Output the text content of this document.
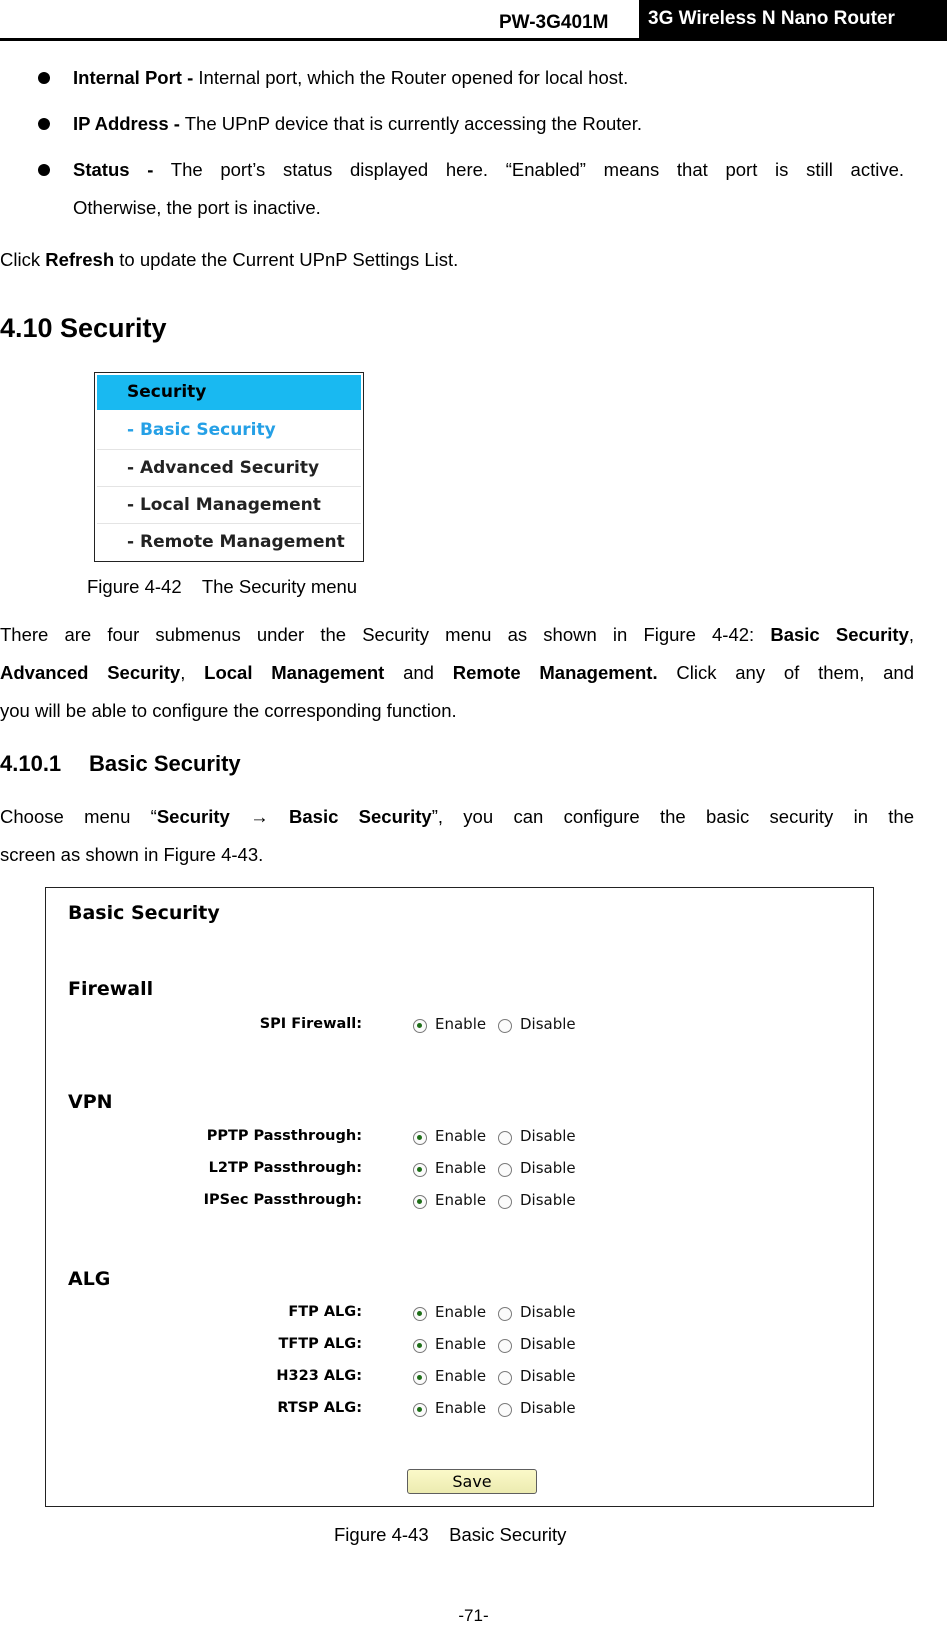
PW-3G401M	3G Wireless N Nano Router
Internal Port - Internal port, which the Router opened for local host.
IP Address - The UPnP device that is currently accessing the Router.
Status - The port’s status displayed here. “Enabled” means that port is still active.
Otherwise, the port is inactive.
Click Refresh to update the Current UPnP Settings List.
4.10 Security
Security
- Basic Security
- Advanced Security
- Local Management
- Remote Management
Figure 4-42    The Security menu
There are four submenus under the Security menu as shown in Figure 4-42: Basic Security,
Advanced Security, Local Management and Remote Management. Click any of them, and
you will be able to configure the corresponding function.
4.10.1 Basic Security
Choose menu “Security → Basic Security”, you can configure the basic security in the
screen as shown in Figure 4-43.
Basic Security
Firewall
SPI Firewall:	Enable Disable
VPN
PPTP Passthrough:	Enable Disable
L2TP Passthrough:	Enable Disable
IPSec Passthrough:	Enable Disable
ALG
FTP ALG:	Enable Disable
TFTP ALG:	Enable Disable
H323 ALG:	Enable Disable
RTSP ALG:	Enable Disable
Save
Figure 4-43    Basic Security
-71-
